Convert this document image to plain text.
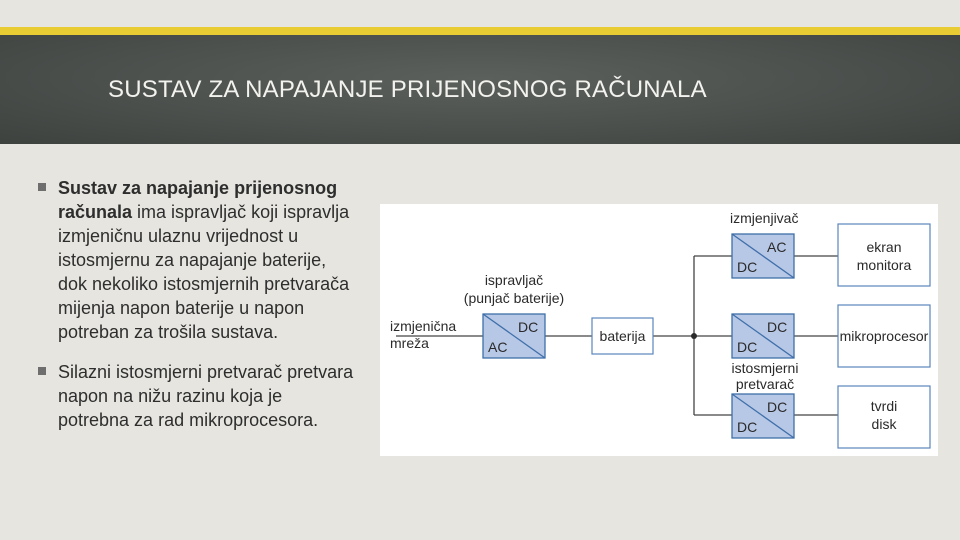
SUSTAV ZA NAPAJANJE PRIJENOSNOG RAČUNALA
Sustav za napajanje prijenosnog računala ima ispravljač koji ispravlja izmjeničnu ulaznu vrijednost u istosmjernu za napajanje baterije, dok nekoliko istosmjernih pretvarača mijenja napon baterije u napon potreban za trošila sustava.
Silazni istosmjerni pretvarač pretvara napon na nižu razinu koja je potrebna za rad mikroprocesora.
DC
AC
baterija
AC
DC
DC
DC
DC
DC
ekran
monitora
mikroprocesor
tvrdi
disk
izmjenjivač
ispravljač
(punjač baterije)
izmjenična
mreža
istosmjerni
pretvarač
